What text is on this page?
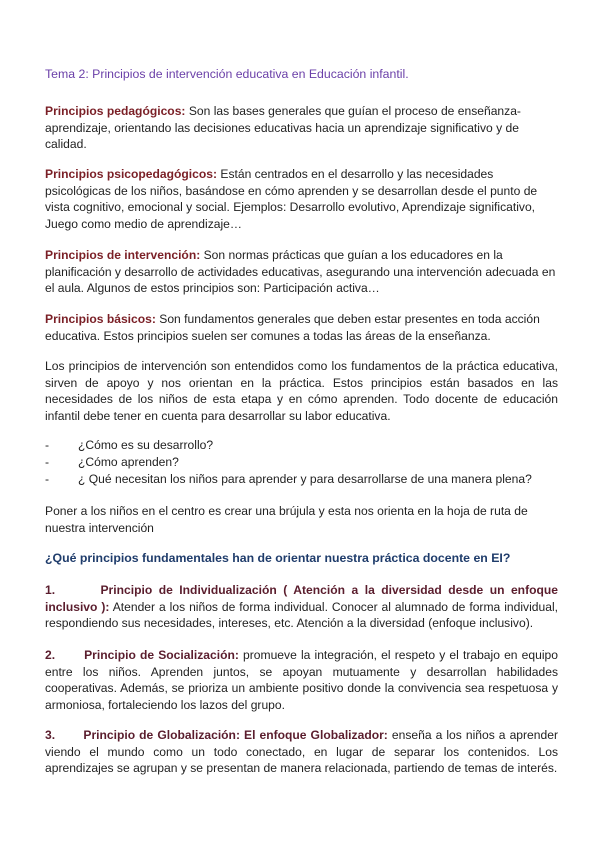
Tema 2: Principios de intervención educativa en Educación infantil.

Principios pedagógicos: Son las bases generales que guían el proceso de enseñanza-aprendizaje, orientando las decisiones educativas hacia un aprendizaje significativo y de calidad.

Principios psicopedagógicos: Están centrados en el desarrollo y las necesidades psicológicas de los niños, basándose en cómo aprenden y se desarrollan desde el punto de vista cognitivo, emocional y social. Ejemplos: Desarrollo evolutivo, Aprendizaje significativo, Juego como medio de aprendizaje…

Principios de intervención: Son normas prácticas que guían a los educadores en la planificación y desarrollo de actividades educativas, asegurando una intervención adecuada en el aula. Algunos de estos principios son: Participación activa…

Principios básicos: Son fundamentos generales que deben estar presentes en toda acción educativa. Estos principios suelen ser comunes a todas las áreas de la enseñanza.

Los principios de intervención son entendidos como los fundamentos de la práctica educativa, sirven de apoyo y nos orientan en la práctica. Estos principios están basados en las necesidades de los niños de esta etapa y en cómo aprenden. Todo docente de educación infantil debe tener en cuenta para desarrollar su labor educativa.

- ¿Cómo es su desarrollo?
- ¿Cómo aprenden?
- ¿ Qué necesitan los niños para aprender y para desarrollarse de una manera plena?

Poner a los niños en el centro es crear una brújula y esta nos orienta en la hoja de ruta de nuestra intervención

¿Qué principios fundamentales han de orientar nuestra práctica docente en EI?

1.	Principio de Individualización ( Atención a la diversidad desde un enfoque inclusivo ): Atender a los niños de forma individual. Conocer al alumnado de forma individual, respondiendo sus necesidades, intereses, etc. Atención a la diversidad (enfoque inclusivo).

2. Principio de Socialización: promueve la integración, el respeto y el trabajo en equipo entre los niños. Aprenden juntos, se apoyan mutuamente y desarrollan habilidades cooperativas. Además, se prioriza un ambiente positivo donde la convivencia sea respetuosa y armoniosa, fortaleciendo los lazos del grupo.

3. Principio de Globalización: El enfoque Globalizador: enseña a los niños a aprender viendo el mundo como un todo conectado, en lugar de separar los contenidos. Los aprendizajes se agrupan y se presentan de manera relacionada, partiendo de temas de interés.
